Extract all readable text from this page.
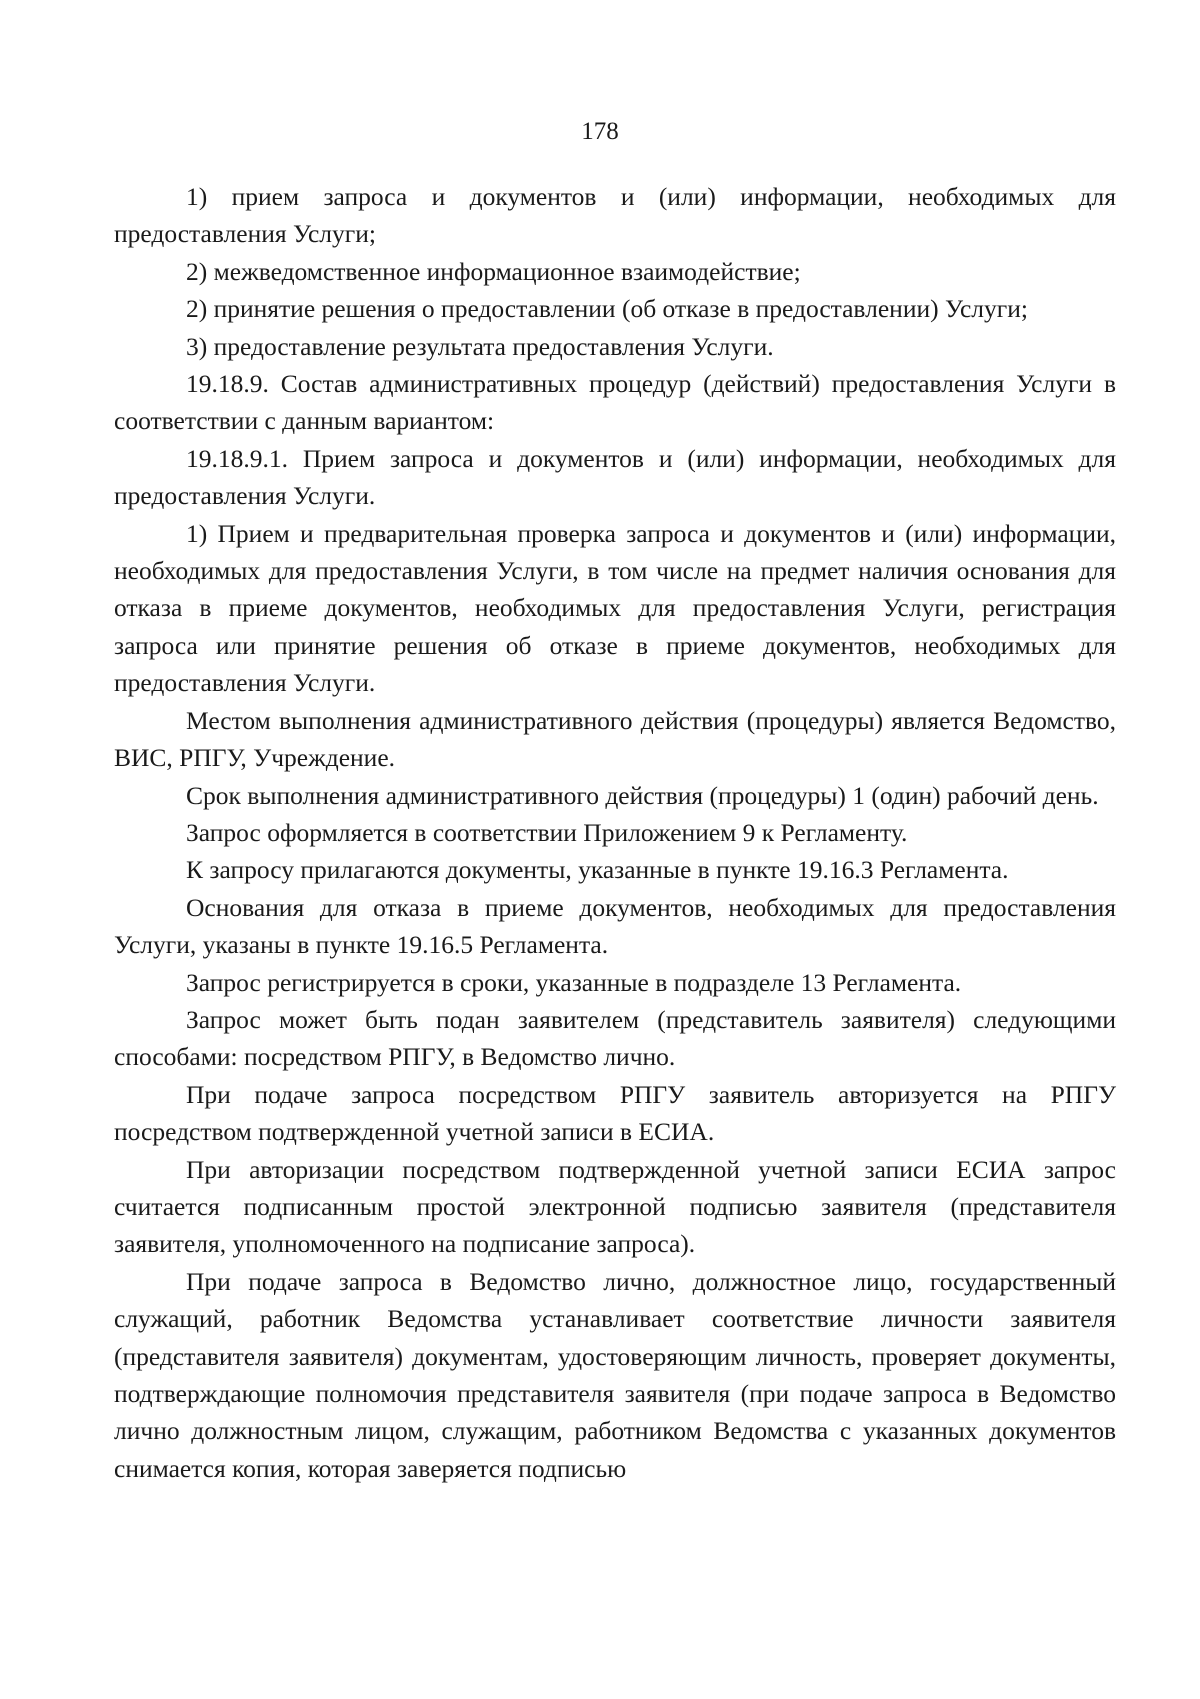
178

1) прием запроса и документов и (или) информации, необходимых для предоставления Услуги;

2) межведомственное информационное взаимодействие;

2) принятие решения о предоставлении (об отказе в предоставлении) Услуги;

3) предоставление результата предоставления Услуги.

19.18.9. Состав административных процедур (действий) предоставления Услуги в соответствии с данным вариантом:

19.18.9.1. Прием запроса и документов и (или) информации, необходимых для предоставления Услуги.

1) Прием и предварительная проверка запроса и документов и (или) информации, необходимых для предоставления Услуги, в том числе на предмет наличия основания для отказа в приеме документов, необходимых для предоставления Услуги, регистрация запроса или принятие решения об отказе в приеме документов, необходимых для предоставления Услуги.

Местом выполнения административного действия (процедуры) является Ведомство, ВИС, РПГУ, Учреждение.

Срок выполнения административного действия (процедуры) 1 (один) рабочий день.

Запрос оформляется в соответствии Приложением 9 к Регламенту.

К запросу прилагаются документы, указанные в пункте 19.16.3 Регламента.

Основания для отказа в приеме документов, необходимых для предоставления Услуги, указаны в пункте 19.16.5 Регламента.

Запрос регистрируется в сроки, указанные в подразделе 13 Регламента.

Запрос может быть подан заявителем (представитель заявителя) следующими способами: посредством РПГУ, в Ведомство лично.

При подаче запроса посредством РПГУ заявитель авторизуется на РПГУ посредством подтвержденной учетной записи в ЕСИА.

При авторизации посредством подтвержденной учетной записи ЕСИА запрос считается подписанным простой электронной подписью заявителя (представителя заявителя, уполномоченного на подписание запроса).

При подаче запроса в Ведомство лично, должностное лицо, государственный служащий, работник Ведомства устанавливает соответствие личности заявителя (представителя заявителя) документам, удостоверяющим личность, проверяет документы, подтверждающие полномочия представителя заявителя (при подаче запроса в Ведомство лично должностным лицом, служащим, работником Ведомства с указанных документов снимается копия, которая заверяется подписью
